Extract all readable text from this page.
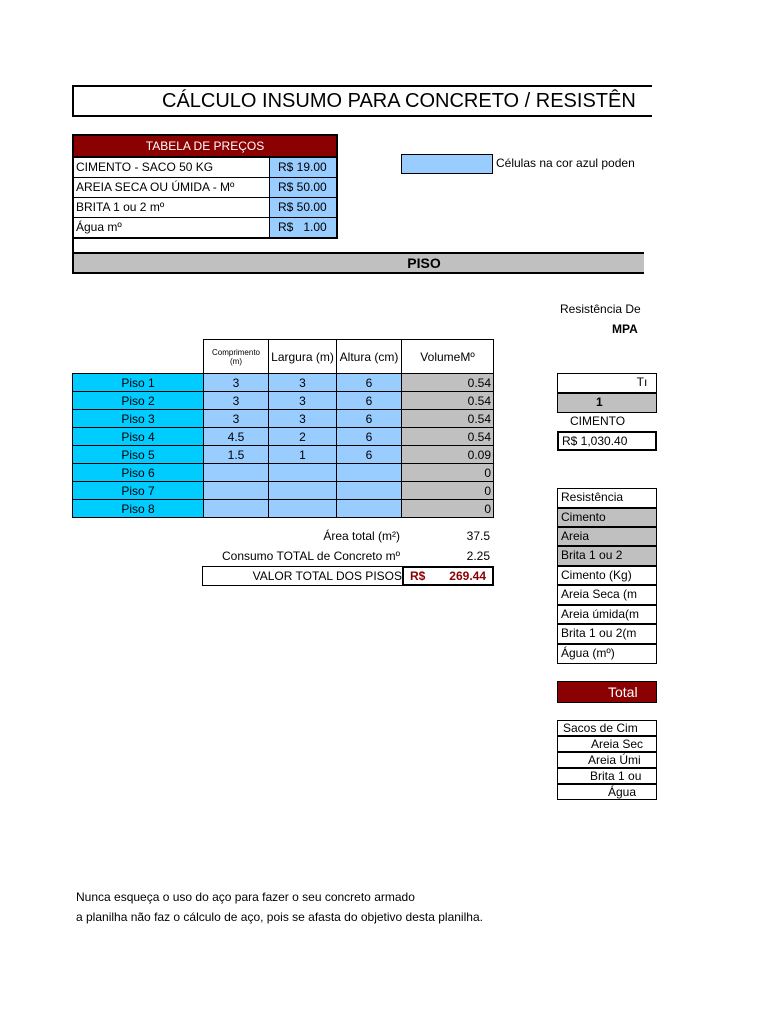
CÁLCULO INSUMO PARA CONCRETO / RESISTÊN
TABELA DE PREÇOS
CIMENTO - SACO 50 KG	R$ 19.00
AREIA SECA OU ÚMIDA - Mº	R$ 50.00
BRITA 1 ou 2 mº	R$ 50.00
Água mº	R$   1.00
Células na cor azul poden
PISO
	Comprimento (m)	Largura (m)	Altura (cm)	VolumeMº
Piso 1	3	3	6	0.54
Piso 2	3	3	6	0.54
Piso 3	3	3	6	0.54
Piso 4	4.5	2	6	0.54
Piso 5	1.5	1	6	0.09
Piso 6				0
Piso 7				0
Piso 8				0
Área total (m²)	37.5
Consumo TOTAL de Concreto mº	2.25
VALOR TOTAL DOS PISOS R$ 269.44
Resistência De
MPA
Tı
1
CIMENTO
R$ 1,030.40
Resistência
Cimento
Areia
Brita 1 ou 2
Cimento (Kg)
Areia Seca (m
Areia úmida(m
Brita 1 ou 2(m
Água (mº)
Total
Sacos de Cim
Areia Sec
Areia Úmi
Brita 1 ou
Água
Nunca esqueça o uso do aço para fazer o seu concreto armado
a planilha não faz o cálculo de aço, pois se afasta do objetivo desta planilha.
